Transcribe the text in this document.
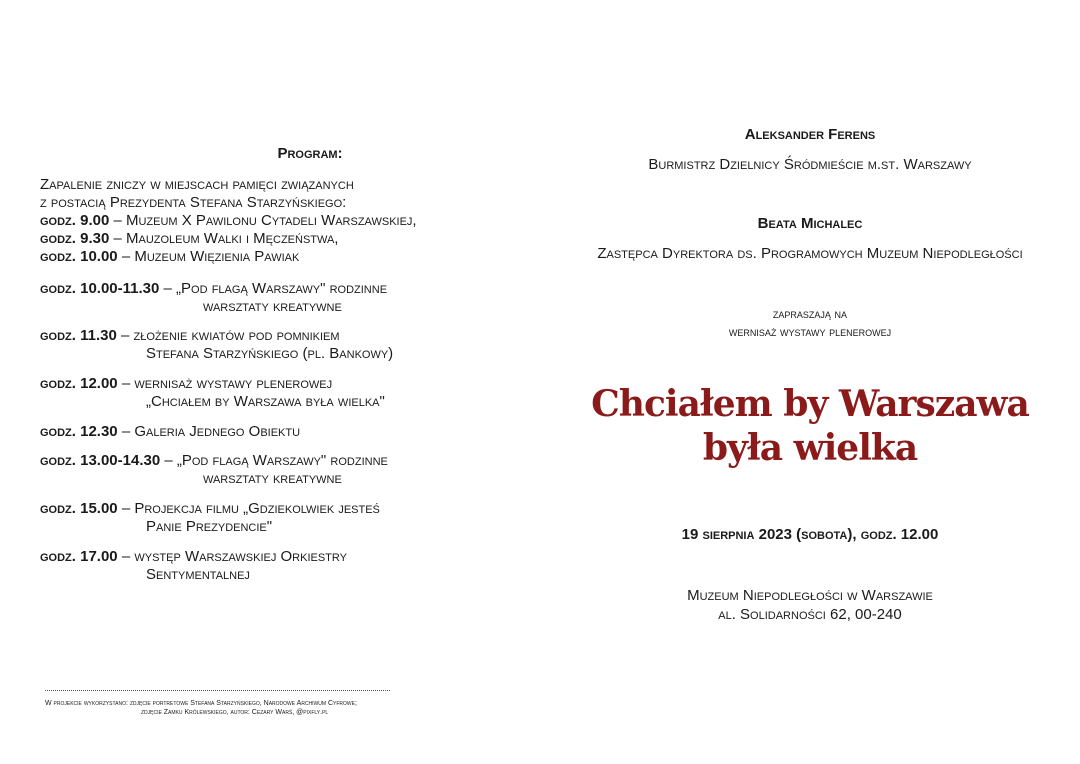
Program:
Zapalenie zniczy w miejscach pamięci związanych
z postacią Prezydenta Stefana Starzyńskiego:
godz. 9.00 – Muzeum X Pawilonu Cytadeli Warszawskiej,
godz. 9.30 – Mauzoleum Walki i Męczeństwa,
godz. 10.00 – Muzeum Więzienia Pawiak
godz. 10.00-11.30 – „Pod flagą Warszawy" rodzinne
warsztaty kreatywne
godz. 11.30 – złożenie kwiatów pod pomnikiem
Stefana Starzyńskiego (pl. Bankowy)
godz. 12.00 – wernisaż wystawy plenerowej
„Chciałem by Warszawa była wielka"
godz. 12.30 – Galeria Jednego Obiektu
godz. 13.00-14.30 – „Pod flagą Warszawy" rodzinne
warsztaty kreatywne
godz. 15.00 – Projekcja filmu „Gdziekolwiek jesteś
Panie Prezydencie"
godz. 17.00 – występ Warszawskiej Orkiestry
Sentymentalnej
W projekcie wykorzystano: zdjęcie portretowe Stefana Starzyńskiego, Narodowe Archiwum Cyfrowe;
zdjęcie Zamku Królewskiego, autor: Cezary Warś, @pixfly.pl
Aleksander Ferens
Burmistrz Dzielnicy Śródmieście m.st. Warszawy
Beata Michalec
Zastępca Dyrektora ds. Programowych Muzeum Niepodległości
zapraszają na
wernisaż wystawy plenerowej
Chciałem by Warszawa
była wielka
19 sierpnia 2023 (sobota), godz. 12.00
Muzeum Niepodległości w Warszawie
al. Solidarności 62, 00-240
